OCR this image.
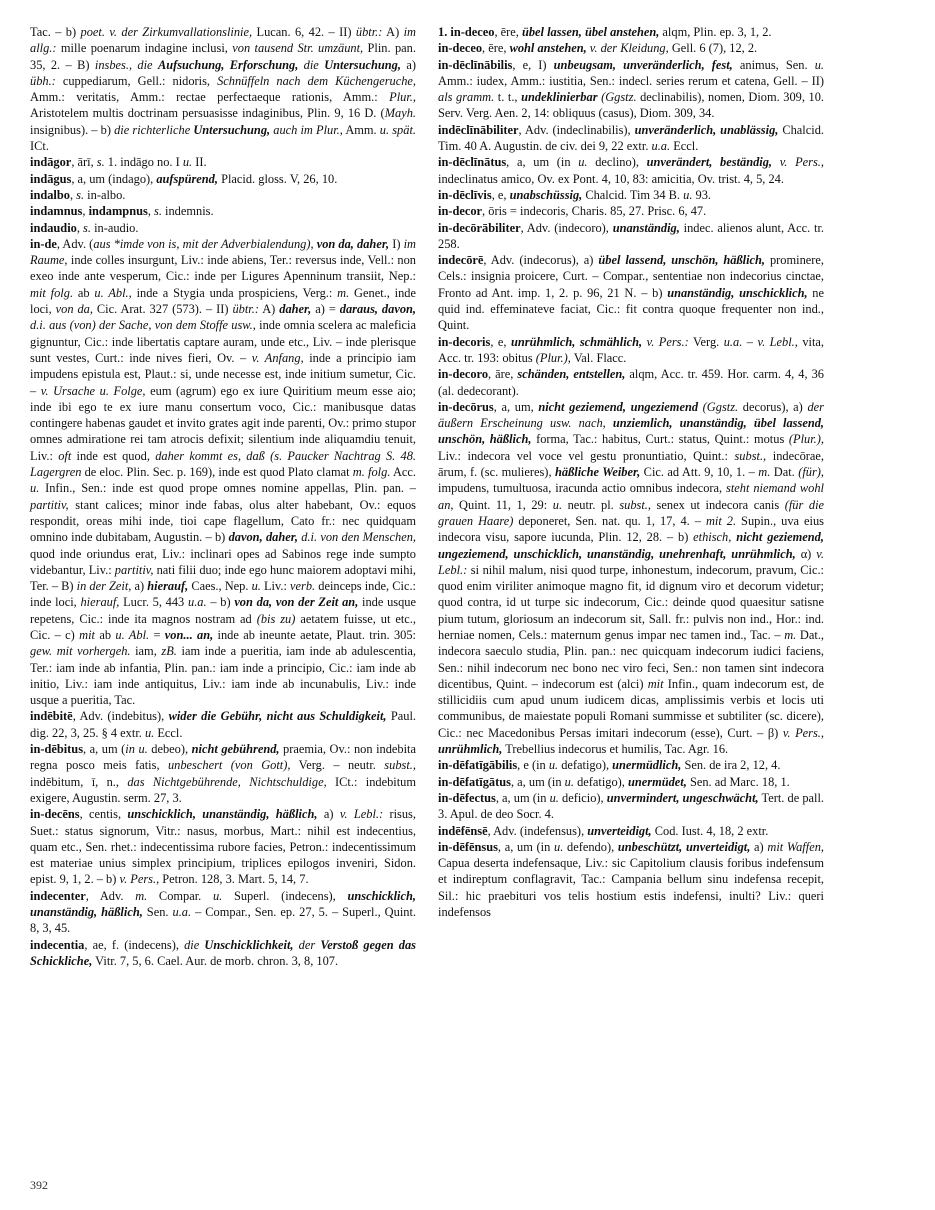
Tac. – b) poet. v. der Zirkumvallationslinie, Lucan. 6, 42. – II) übtr.: A) im allg.: mille poenarum indagine inclusi, von tausend Str. umzäunt, Plin. pan. 35, 2. – B) insbes., die Aufsuchung, Erforschung, die Untersuchung, a) übh.: cuppediarum, Gell.: nidoris, Schnüffeln nach dem Küchengeruche, Amm.: veritatis, Amm.: rectae perfectaeque rationis, Amm.: Plur., Aristotelem multis doctrinam persuasisse indaginibus, Plin. 9, 16 D. (Mayh. insignibus). – b) die richterliche Untersuchung, auch im Plur., Amm. u. spät. ICt.

indāgor, ārī, s. 1. indāgo no. I u. II.

indāgus, a, um (indago), aufspürend, Placid. gloss. V, 26, 10.

indalbo, s. in-albo.

indamnus, indampnus, s. indemnis.

indaudio, s. in-audio.

in-de, Adv. (aus *imde von is, mit der Adverbialendung), von da, daher, I) im Raume, inde colles insurgunt, Liv.: inde abiens, Ter.: reversus inde, Vell.: non exeo inde ante vesperum, Cic.: inde per Ligures Apenninum transiit, Nep.: mit folg. ab u. Abl., inde a Stygia unda prospiciens, Verg.: m. Genet., inde loci, von da, Cic. Arat. 327 (573). – II) übtr.: A) daher, a) = daraus, davon, d.i. aus (von) der Sache, von dem Stoffe usw., inde omnia scelera ac maleficia gignuntur, Cic.: inde libertatis captare auram, unde etc., Liv. – inde plerisque sunt vestes, Curt.: inde nives fieri, Ov. – v. Anfang, inde a principio iam impudens epistula est, Plaut.: si, unde necesse est, inde initium sumetur, Cic. – v. Ursache u. Folge, eum (agrum) ego ex iure Quiritium meum esse aio; inde ibi ego te ex iure manu consertum voco, Cic.: manibusque datas contingere habenas gaudet et invito grates agit inde parenti, Ov.: primo stupor omnes admiratione rei tam atrocis defixit; silentium inde aliquamdiu tenuit, Liv.: oft inde est quod, daher kommt es, daß (s. Paucker Nachtrag S. 48. Lagergren de eloc. Plin. Sec. p. 169), inde est quod Plato clamat m. folg. Acc. u. Infin., Sen.: inde est quod prope omnes nomine appellas, Plin. pan. – partitiv, stant calices; minor inde fabas, olus alter habebant, Ov.: equos respondit, oreas mihi inde, tioi cape flagellum, Cato fr.: nec quidquam omnino inde dubitabam, Augustin. – b) davon, daher, d.i. von den Menschen, quod inde oriundus erat, Liv.: inclinari opes ad Sabinos rege inde sumpto videbantur, Liv.: partitiv, nati filii duo; inde ego hunc maiorem adoptavi mihi, Ter. – B) in der Zeit, a) hierauf, Caes., Nep. u. Liv.: verb. deinceps inde, Cic.: inde loci, hierauf, Lucr. 5, 443 u.a. – b) von da, von der Zeit an, inde usque repetens, Cic.: inde ita magnos nostram ad (bis zu) aetatem fuisse, ut etc., Cic. – c) mit ab u. Abl. = von... an, inde ab ineunte aetate, Plaut. trin. 305: gew. mit vorhergeh. iam, zB. iam inde a pueritia, iam inde ab adulescentia, Ter.: iam inde ab infantia, Plin. pan.: iam inde a principio, Cic.: iam inde ab initio, Liv.: iam inde antiquitus, Liv.: iam inde ab incunabulis, Liv.: inde usque a pueritia, Tac.

indēbitē, Adv. (indebitus), wider die Gebühr, nicht aus Schuldigkeit, Paul. dig. 22, 3, 25. § 4 extr. u. Eccl.

in-dēbitus, a, um (in u. debeo), nicht gebührend, praemia, Ov.: non indebita regna posco meis fatis, unbeschert (von Gott), Verg. – neutr. subst., indēbitum, ī, n., das Nichtgebührende, Nichtschuldige, ICt.: indebitum exigere, Augustin. serm. 27, 3.

in-decēns, centis, unschicklich, unanständig, häßlich, a) v. Lebl.: risus, Suet.: status signorum, Vitr.: nasus, morbus, Mart.: nihil est indecentius, quam etc., Sen. rhet.: indecentissima rubore facies, Petron.: indecentissimum est materiae unius simplex principium, triplices epilogos inveniri, Sidon. epist. 9, 1, 2. – b) v. Pers., Petron. 128, 3. Mart. 5, 14, 7.

indecenter, Adv. m. Compar. u. Superl. (indecens), unschicklich, unanständig, häßlich, Sen. u.a. – Compar., Sen. ep. 27, 5. – Superl., Quint. 8, 3, 45.

indecentia, ae, f. (indecens), die Unschicklichkeit, der Verstoß gegen das Schickliche, Vitr. 7, 5, 6. Cael. Aur. de morb. chron. 3, 8, 107.

1. in-deceo, ēre, übel lassen, übel anstehen, alqm, Plin. ep. 3, 1, 2.

in-deceo, ēre, wohl anstehen, v. der Kleidung, Gell. 6 (7), 12, 2.

in-dēclīnābilis, e, I) unbeugsam, unveränderlich, fest, animus, Sen. u. Amm.: iudex, Amm.: iustitia, Sen.: indecl. series rerum et catena, Gell. – II) als gramm. t. t., undeklinierbar (Ggstz. declinabilis), nomen, Diom. 309, 10. Serv. Verg. Aen. 2, 14: obliquus (casus), Diom. 309, 34.

indēclīnābiliter, Adv. (indeclinabilis), unveränderlich, unablässig, Chalcid. Tim. 40 A. Augustin. de civ. dei 9, 22 extr. u.a. Eccl.

in-dēclīnātus, a, um (in u. declino), unverändert, beständig, v. Pers., indeclinatus amico, Ov. ex Pont. 4, 10, 83: amicitia, Ov. trist. 4, 5, 24.

in-dēclīvis, e, unabschüssig, Chalcid. Tim 34 B. u. 93.

in-decor, ōris = indecoris, Charis. 85, 27. Prisc. 6, 47.

in-decōrābiliter, Adv. (indecoro), unanständig, indec. alienos alunt, Acc. tr. 258.

indecōrē, Adv. (indecorus), a) übel lassend, unschön, häßlich, prominere, Cels.: insignia proicere, Curt. – Compar., sententiae non indecorius cinctae, Fronto ad Ant. imp. 1, 2. p. 96, 21 N. – b) unanständig, unschicklich, ne quid ind. effeminateve faciat, Cic.: fit contra quoque frequenter non ind., Quint.

in-decoris, e, unrühmlich, schmählich, v. Pers.: Verg. u.a. – v. Lebl., vita, Acc. tr. 193: obitus (Plur.), Val. Flacc.

in-decoro, āre, schänden, entstellen, alqm, Acc. tr. 459. Hor. carm. 4, 4, 36 (al. dedecorant).

in-decōrus, a, um, nicht geziemend, ungeziemend (Ggstz. decorus), a) der äußern Erscheinung usw. nach, unziemlich, unanständig, übel lassend, unschön, häßlich, forma, Tac.: habitus, Curt.: status, Quint.: motus (Plur.), Liv.: indecora vel voce vel gestu pronuntiatio, Quint.: subst., indecōrae, ārum, f. (sc. mulieres), häßliche Weiber, Cic. ad Att. 9, 10, 1. – m. Dat. (für), impudens, tumultuosa, iracunda actio omnibus indecora, steht niemand wohl an, Quint. 11, 1, 29: u. neutr. pl. subst., senex ut indecora canis (für die grauen Haare) deponeret, Sen. nat. qu. 1, 17, 4. – mit 2. Supin., uva eius indecora visu, sapore iucunda, Plin. 12, 28. – b) ethisch, nicht geziemend, ungeziemend, unschicklich, unanständig, unehrenhaft, unrühmlich, α) v. Lebl.: si nihil malum, nisi quod turpe, inhonestum, indecorum, pravum, Cic.: quod enim viriliter animoque magno fit, id dignum viro et decorum videtur; quod contra, id ut turpe sic indecorum, Cic.: deinde quod quaesitur satisne pium tutum, gloriosum an indecorum sit, Sall. fr.: pulvis non ind., Hor.: ind. herniae nomen, Cels.: maternum genus impar nec tamen ind., Tac. – m. Dat., indecora saeculo studia, Plin. pan.: nec quicquam indecorum iudici faciens, Sen.: nihil indecorum nec bono nec viro feci, Sen.: non tamen sint indecora dicentibus, Quint. – indecorum est (alci) mit Infin., quam indecorum est, de stillicidiis cum apud unum iudicem dicas, amplissimis verbis et locis uti communibus, de maiestate populi Romani summisse et subtiliter (sc. dicere), Cic.: nec Macedonibus Persas imitari indecorum (esse), Curt. – β) v. Pers., unrühmlich, Trebellius indecorus et humilis, Tac. Agr. 16.

in-dēfatīgābilis, e (in u. defatigo), unermüdlich, Sen. de ira 2, 12, 4.

in-dēfatīgātus, a, um (in u. defatigo), unermüdet, Sen. ad Marc. 18, 1.

in-dēfectus, a, um (in u. deficio), unvermindert, ungeschwächt, Tert. de pall. 3. Apul. de deo Socr. 4.

indēfēnsē, Adv. (indefensus), unverteidigt, Cod. Iust. 4, 18, 2 extr.

in-dēfēnsus, a, um (in u. defendo), unbeschützt, unverteidigt, a) mit Waffen, Capua deserta indefensaque, Liv.: sic Capitolium clausis foribus indefensum et indireptum conflagravit, Tac.: Campania bellum sinu indefensa recepit, Sil.: hic praebituri vos telis hostium estis indefensi, inulti? Liv.: queri indefensos

392
